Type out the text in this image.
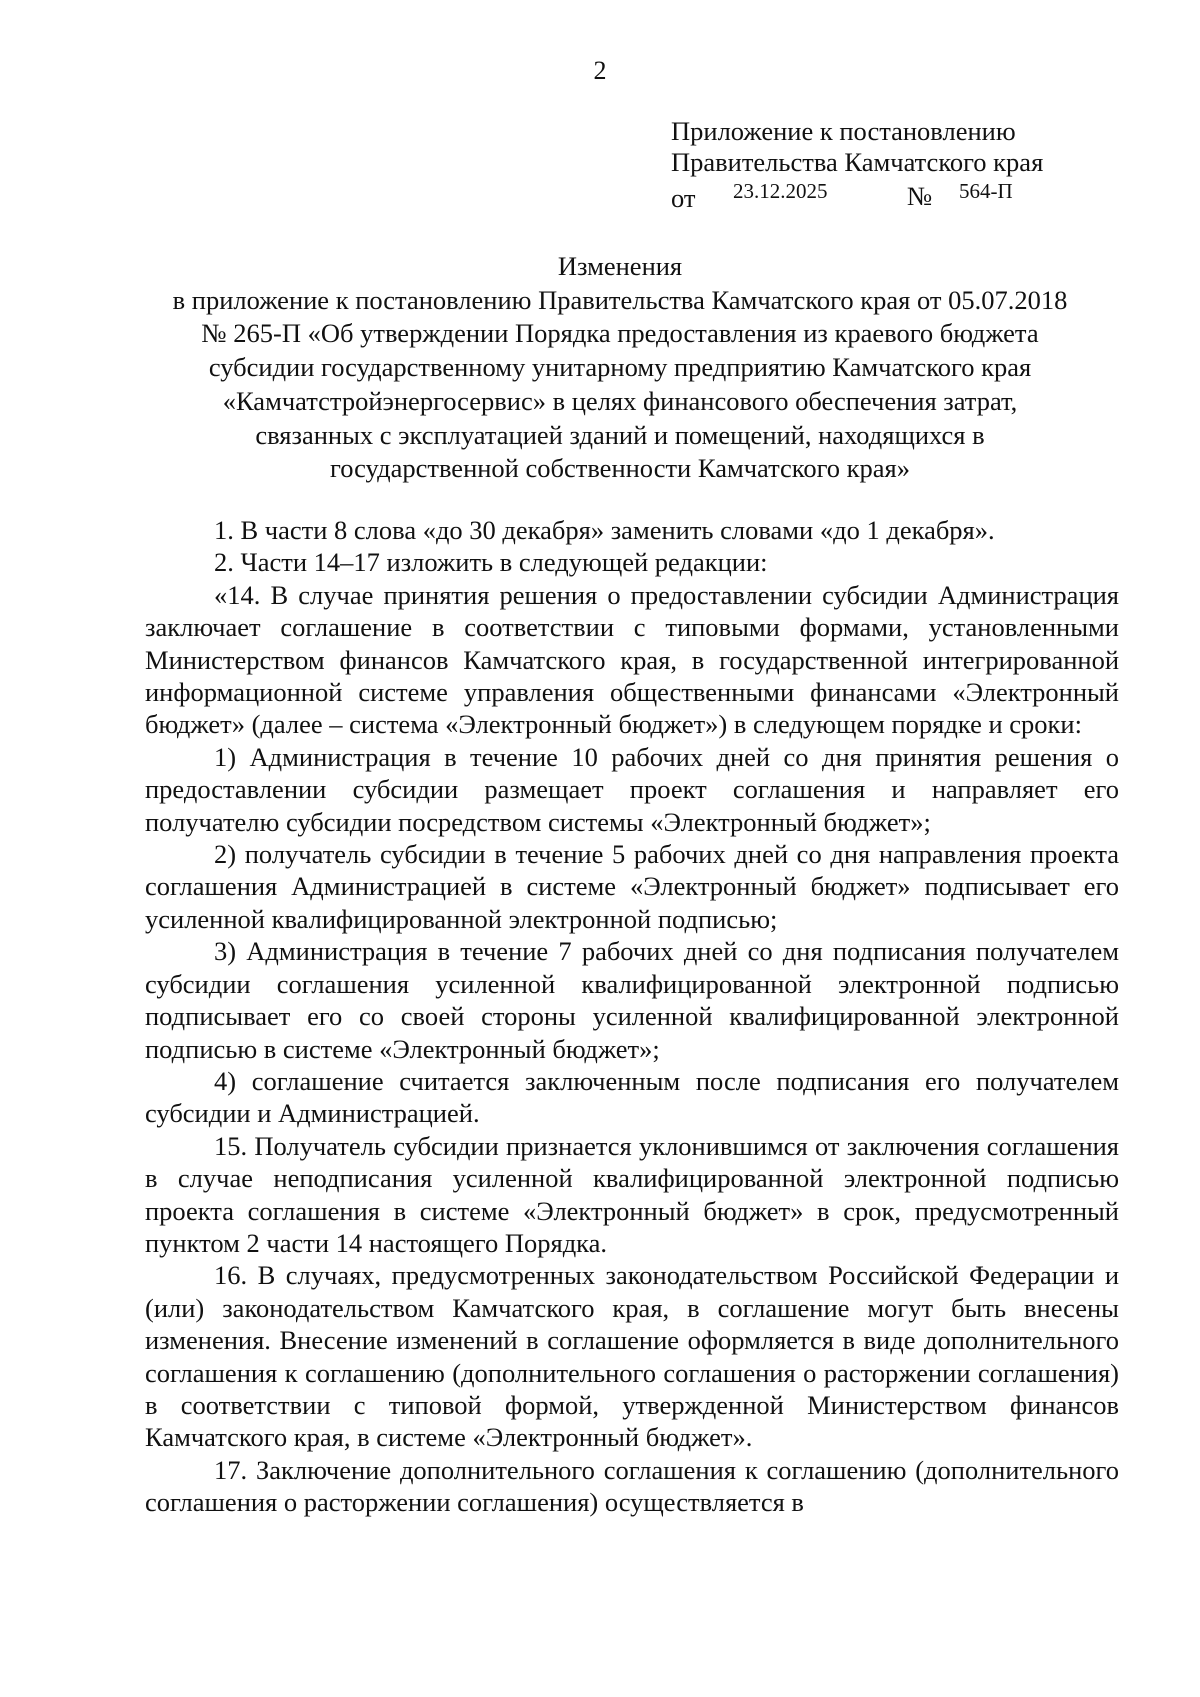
2
Приложение к постановлению
Правительства Камчатского края
от 23.12.2025	№ 564-П
Изменения
в приложение к постановлению Правительства Камчатского края от 05.07.2018
№ 265-П «Об утверждении Порядка предоставления из краевого бюджета
субсидии государственному унитарному предприятию Камчатского края
«Камчатстройэнергосервис» в целях финансового обеспечения затрат,
связанных с эксплуатацией зданий и помещений, находящихся в
государственной собственности Камчатского края»

1. В части 8 слова «до 30 декабря» заменить словами «до 1 декабря».

2. Части 14–17 изложить в следующей редакции:

«14. В случае принятия решения о предоставлении субсидии Администрация заключает соглашение в соответствии с типовыми формами, установленными Министерством финансов Камчатского края, в государственной интегрированной информационной системе управления общественными финансами «Электронный бюджет» (далее – система «Электронный бюджет») в следующем порядке и сроки:

1) Администрация в течение 10 рабочих дней со дня принятия решения о предоставлении субсидии размещает проект соглашения и направляет его получателю субсидии посредством системы «Электронный бюджет»;

2) получатель субсидии в течение 5 рабочих дней со дня направления проекта соглашения Администрацией в системе «Электронный бюджет» подписывает его усиленной квалифицированной электронной подписью;

3) Администрация в течение 7 рабочих дней со дня подписания получателем субсидии соглашения усиленной квалифицированной электронной подписью подписывает его со своей стороны усиленной квалифицированной электронной подписью в системе «Электронный бюджет»;

4) соглашение считается заключенным после подписания его получателем субсидии и Администрацией.

15. Получатель субсидии признается уклонившимся от заключения соглашения в случае неподписания усиленной квалифицированной электронной подписью проекта соглашения в системе «Электронный бюджет» в срок, предусмотренный пунктом 2 части 14 настоящего Порядка.

16. В случаях, предусмотренных законодательством Российской Федерации и (или) законодательством Камчатского края, в соглашение могут быть внесены изменения. Внесение изменений в соглашение оформляется в виде дополнительного соглашения к соглашению (дополнительного соглашения о расторжении соглашения) в соответствии с типовой формой, утвержденной Министерством финансов Камчатского края, в системе «Электронный бюджет».

17. Заключение дополнительного соглашения к соглашению (дополнительного соглашения о расторжении соглашения) осуществляется в
